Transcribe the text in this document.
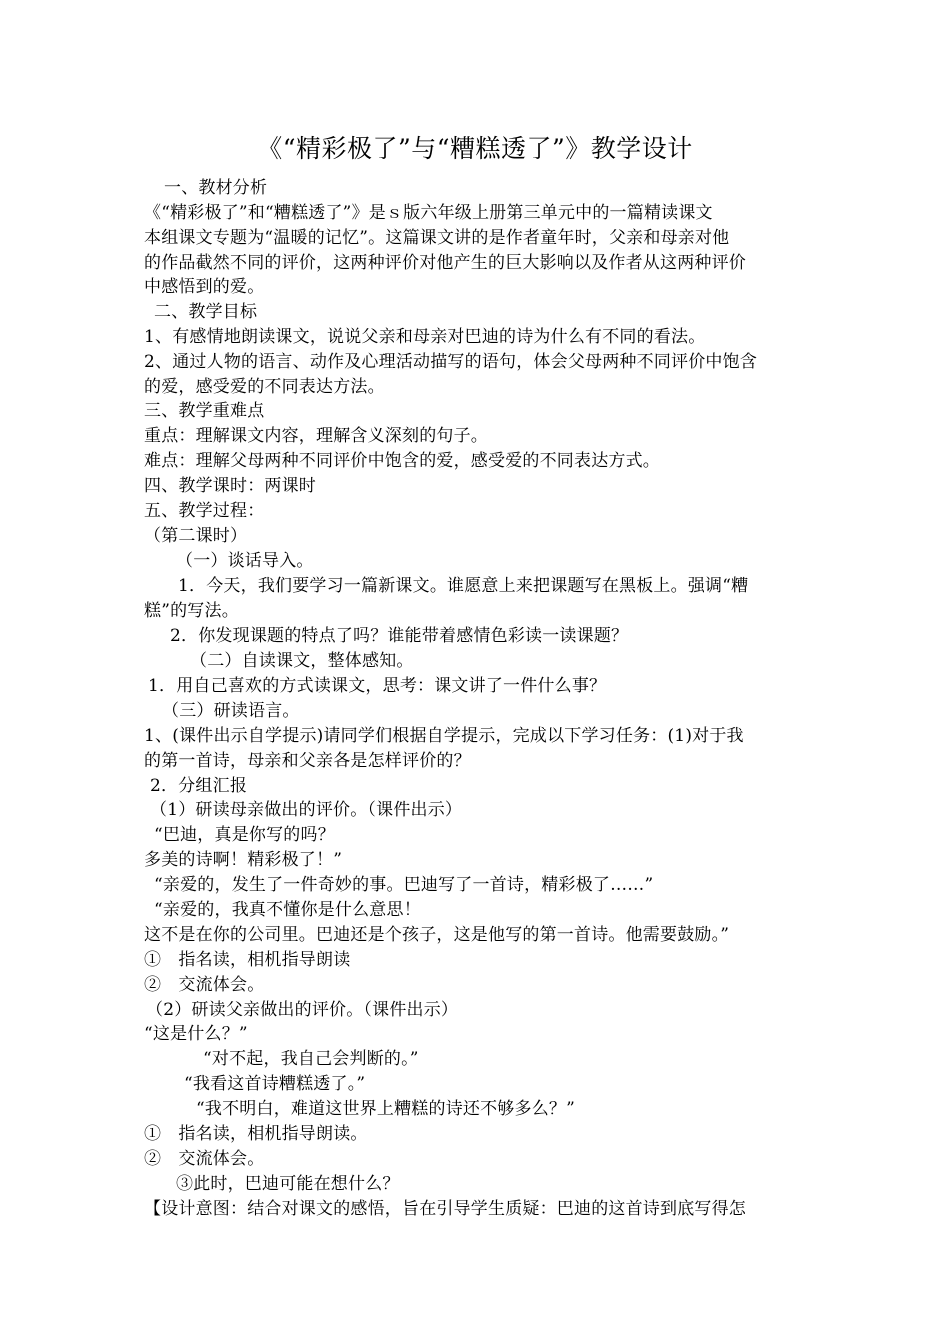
《“精彩极了”与“糟糕透了”》教学设计
一、教材分析
《“精彩极了”和“糟糕透了”》是ｓ版六年级上册第三单元中的一篇精读课文
本组课文专题为“温暖的记忆”。这篇课文讲的是作者童年时，父亲和母亲对他
的作品截然不同的评价，这两种评价对他产生的巨大影响以及作者从这两种评价
中感悟到的爱。
二、教学目标
1、有感情地朗读课文，说说父亲和母亲对巴迪的诗为什么有不同的看法。
2、通过人物的语言、动作及心理活动描写的语句，体会父母两种不同评价中饱含
的爱，感受爱的不同表达方法。
三、教学重难点
重点：理解课文内容，理解含义深刻的句子。
难点：理解父母两种不同评价中饱含的爱，感受爱的不同表达方式。
四、教学课时：两课时
五、教学过程：
（第二课时）
（一）谈话导入。
1．今天，我们要学习一篇新课文。谁愿意上来把课题写在黑板上。强调“糟
糕”的写法。
2．你发现课题的特点了吗？谁能带着感情色彩读一读课题？
（二）自读课文，整体感知。
1．用自己喜欢的方式读课文，思考：课文讲了一件什么事？
（三）研读语言。
1、(课件出示自学提示)请同学们根据自学提示，完成以下学习任务：(1)对于我
的第一首诗，母亲和父亲各是怎样评价的？
2．分组汇报
（1）研读母亲做出的评价。（课件出示）
“巴迪，真是你写的吗？
多美的诗啊！精彩极了！”
“亲爱的，发生了一件奇妙的事。巴迪写了一首诗，精彩极了……”
“亲爱的，我真不懂你是什么意思！
这不是在你的公司里。巴迪还是个孩子，这是他写的第一首诗。他需要鼓励。”
①　指名读，相机指导朗读
②　交流体会。
（2）研读父亲做出的评价。（课件出示）
“这是什么？”
“对不起，我自己会判断的。”
“我看这首诗糟糕透了。”
“我不明白，难道这世界上糟糕的诗还不够多么？”
①　指名读，相机指导朗读。
②　交流体会。
③此时，巴迪可能在想什么？
【设计意图：结合对课文的感悟，旨在引导学生质疑：巴迪的这首诗到底写得怎
